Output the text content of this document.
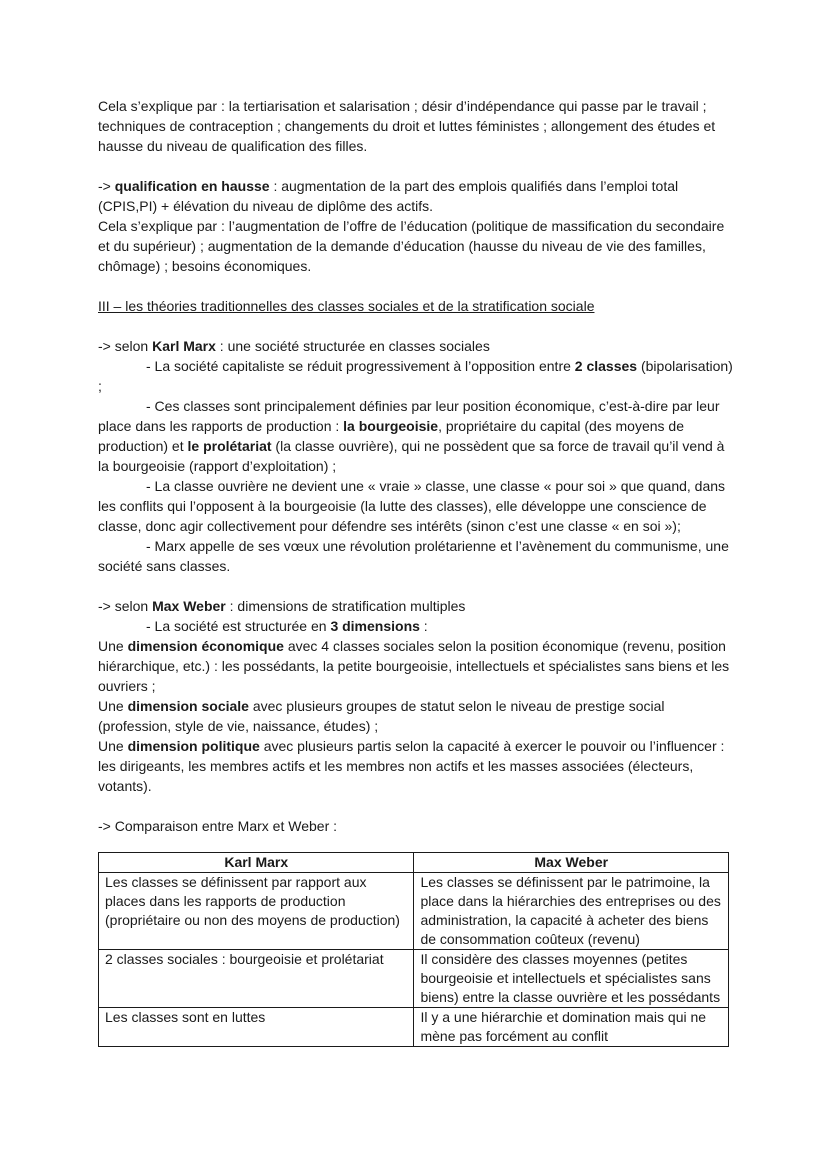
Cela s’explique par : la tertiarisation et salarisation ; désir d’indépendance qui passe par le travail ; techniques de contraception ; changements du droit et luttes féministes ; allongement des études et hausse du niveau de qualification des filles.

-> qualification en hausse : augmentation de la part des emplois qualifiés dans l’emploi total (CPIS,PI) + élévation du niveau de diplôme des actifs.

Cela s’explique par : l’augmentation de l’offre de l’éducation (politique de massification du secondaire et du supérieur) ; augmentation de la demande d’éducation (hausse du niveau de vie des familles, chômage) ; besoins économiques.

III – les théories traditionnelles des classes sociales et de la stratification sociale

-> selon Karl Marx : une société structurée en classes sociales

- La société capitaliste se réduit progressivement à l’opposition entre 2 classes (bipolarisation) ;

- Ces classes sont principalement définies par leur position économique, c’est-à-dire par leur place dans les rapports de production : la bourgeoisie, propriétaire du capital (des moyens de production) et le prolétariat (la classe ouvrière), qui ne possèdent que sa force de travail qu’il vend à la bourgeoisie (rapport d’exploitation) ;

- La classe ouvrière ne devient une « vraie » classe, une classe « pour soi » que quand, dans les conflits qui l’opposent à la bourgeoisie (la lutte des classes), elle développe une conscience de classe, donc agir collectivement pour défendre ses intérêts (sinon c’est une classe « en soi »);

- Marx appelle de ses vœux une révolution prolétarienne et l’avènement du communisme, une société sans classes.

-> selon Max Weber : dimensions de stratification multiples

- La société est structurée en 3 dimensions :

Une dimension économique avec 4 classes sociales selon la position économique (revenu, position hiérarchique, etc.) : les possédants, la petite bourgeoisie, intellectuels et spécialistes sans biens et les ouvriers ;

Une dimension sociale avec plusieurs groupes de statut selon le niveau de prestige social (profession, style de vie, naissance, études) ;

Une dimension politique avec plusieurs partis selon la capacité à exercer le pouvoir ou l’influencer : les dirigeants, les membres actifs et les membres non actifs et les masses associées (électeurs, votants).

-> Comparaison entre Marx et Weber :

Karl Marx	Max Weber
Les classes se définissent par rapport aux places dans les rapports de production (propriétaire ou non des moyens de production)	Les classes se définissent par le patrimoine, la place dans la hiérarchies des entreprises ou des administration, la capacité à acheter des biens de consommation coûteux (revenu)
2 classes sociales : bourgeoisie et prolétariat	Il considère des classes moyennes (petites bourgeoisie et intellectuels et spécialistes sans biens) entre la classe ouvrière et les possédants
Les classes sont en luttes	Il y a une hiérarchie et domination mais qui ne mène pas forcément au conflit
